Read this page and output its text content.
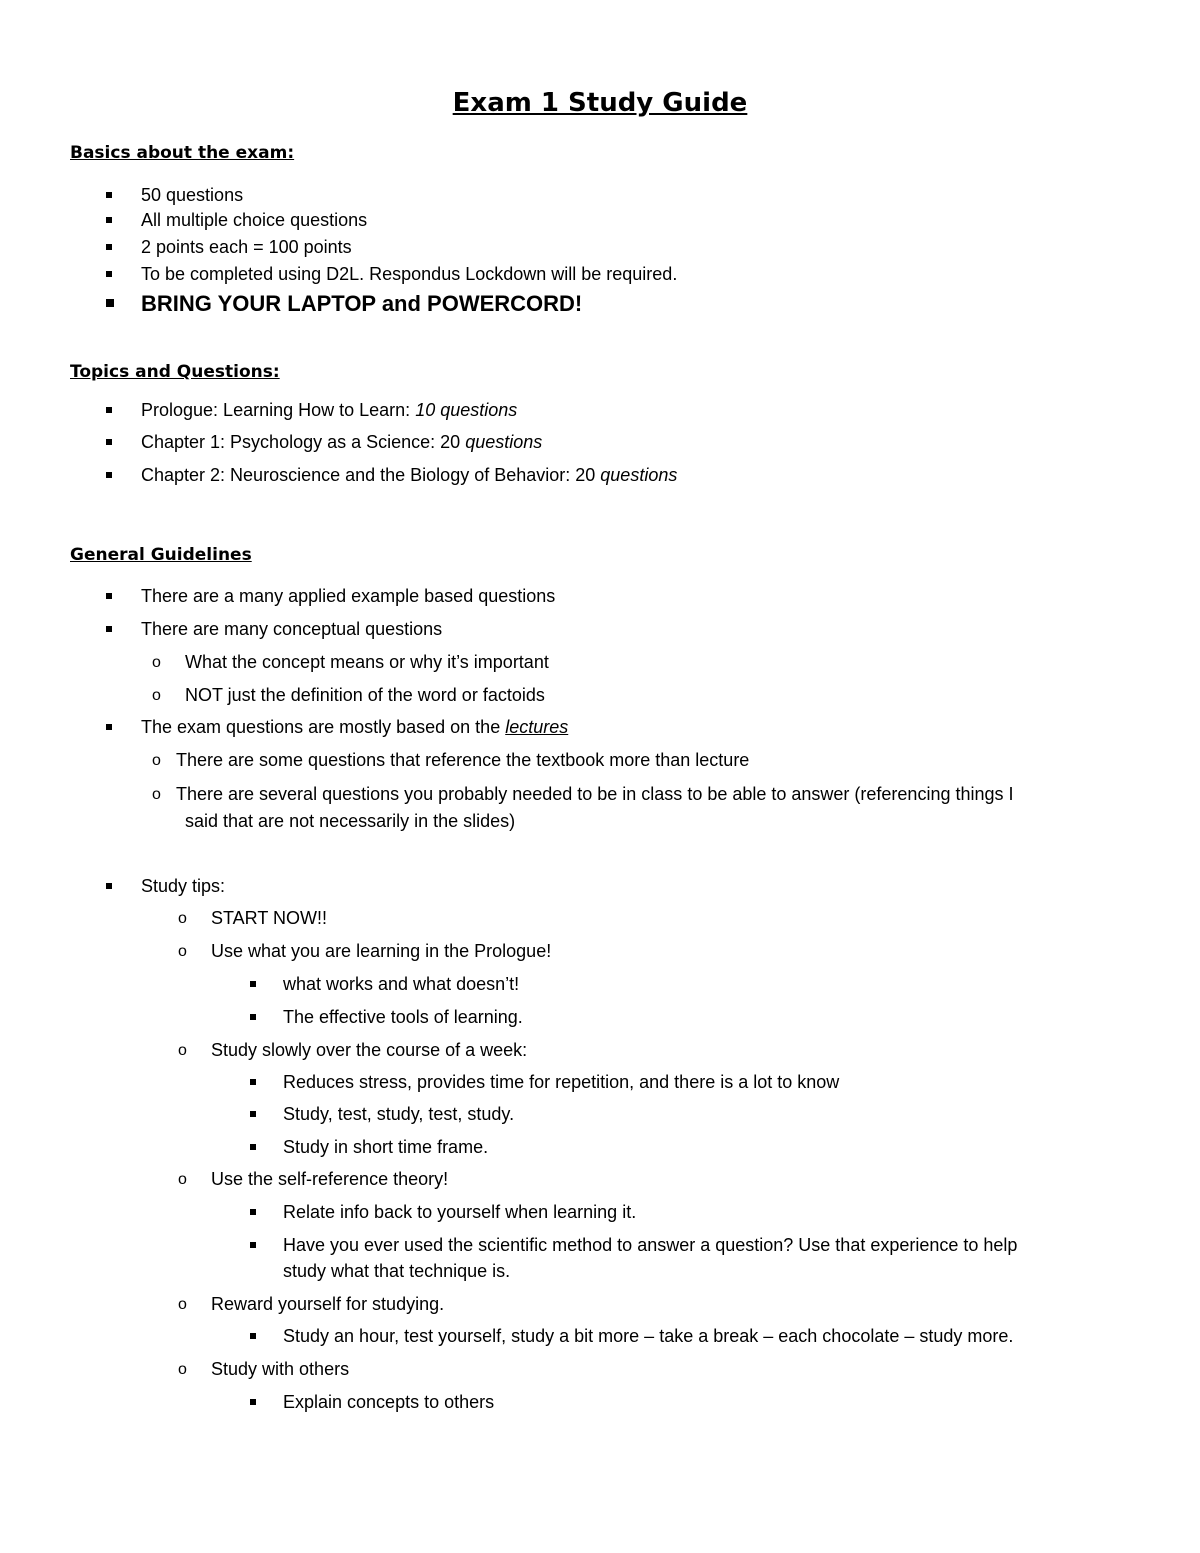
Exam 1 Study Guide
Basics about the exam:
50 questions
All multiple choice questions
2 points each = 100 points
To be completed using D2L. Respondus Lockdown will be required.
BRING YOUR LAPTOP and POWERCORD!
Topics and Questions:
Prologue: Learning How to Learn: 10 questions
Chapter 1: Psychology as a Science: 20 questions
Chapter 2: Neuroscience and the Biology of Behavior: 20 questions
General Guidelines
There are a many applied example based questions
There are many conceptual questions
o What the concept means or why it’s important
o NOT just the definition of the word or factoids
The exam questions are mostly based on the lectures
o There are some questions that reference the textbook more than lecture
o There are several questions you probably needed to be in class to be able to answer (referencing things I
said that are not necessarily in the slides)
Study tips:
o START NOW!!
o Use what you are learning in the Prologue!
what works and what doesn’t!
The effective tools of learning.
o Study slowly over the course of a week:
Reduces stress, provides time for repetition, and there is a lot to know
Study, test, study, test, study.
Study in short time frame.
o Use the self-reference theory!
Relate info back to yourself when learning it.
Have you ever used the scientific method to answer a question? Use that experience to help
study what that technique is.
o Reward yourself for studying.
Study an hour, test yourself, study a bit more – take a break – each chocolate – study more.
o Study with others
Explain concepts to others
